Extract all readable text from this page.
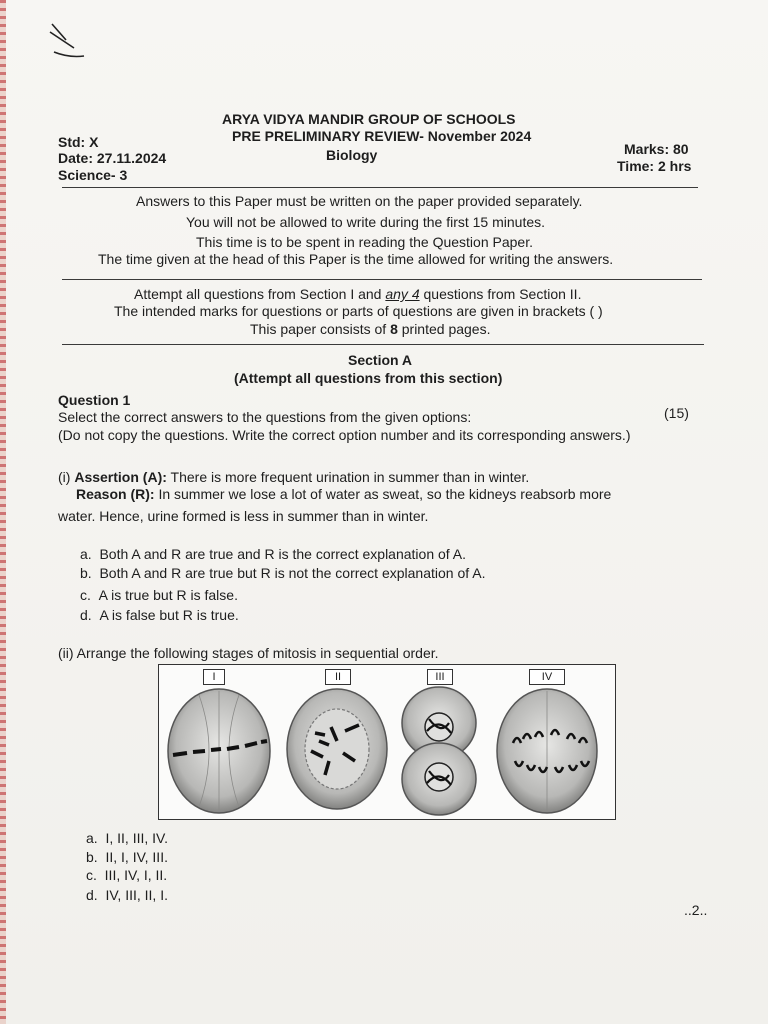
ARYA VIDYA MANDIR GROUP OF SCHOOLS
PRE PRELIMINARY REVIEW- November 2024
Biology
Std: X
Date: 27.11.2024
Science- 3
Marks: 80
Time: 2 hrs
Answers to this Paper must be written on the paper provided separately.
You will not be allowed to write during the first 15 minutes.
This time is to be spent in reading the Question Paper.
The time given at the head of this Paper is the time allowed for writing the answers.
Attempt all questions from Section I and any 4 questions from Section II.
The intended marks for questions or parts of questions are given in brackets ( )
This paper consists of 8 printed pages.
Section A
(Attempt all questions from this section)
Question 1
Select the correct answers to the questions from the given options:	(15)
(Do not copy the questions. Write the correct option number and its corresponding answers.)
(i) Assertion (A): There is more frequent urination in summer than in winter.
Reason (R): In summer we lose a lot of water as sweat, so the kidneys reabsorb more
water. Hence, urine formed is less in summer than in winter.
a. Both A and R are true and R is the correct explanation of A.
b. Both A and R are true but R is not the correct explanation of A.
c. A is true but R is false.
d. A is false but R is true.
(ii) Arrange the following stages of mitosis in sequential order.
I	II	III	IV
a. I, II, III, IV.
b. II, I, IV, III.
c. III, IV, I, II.
d. IV, III, II, I.
..2..
